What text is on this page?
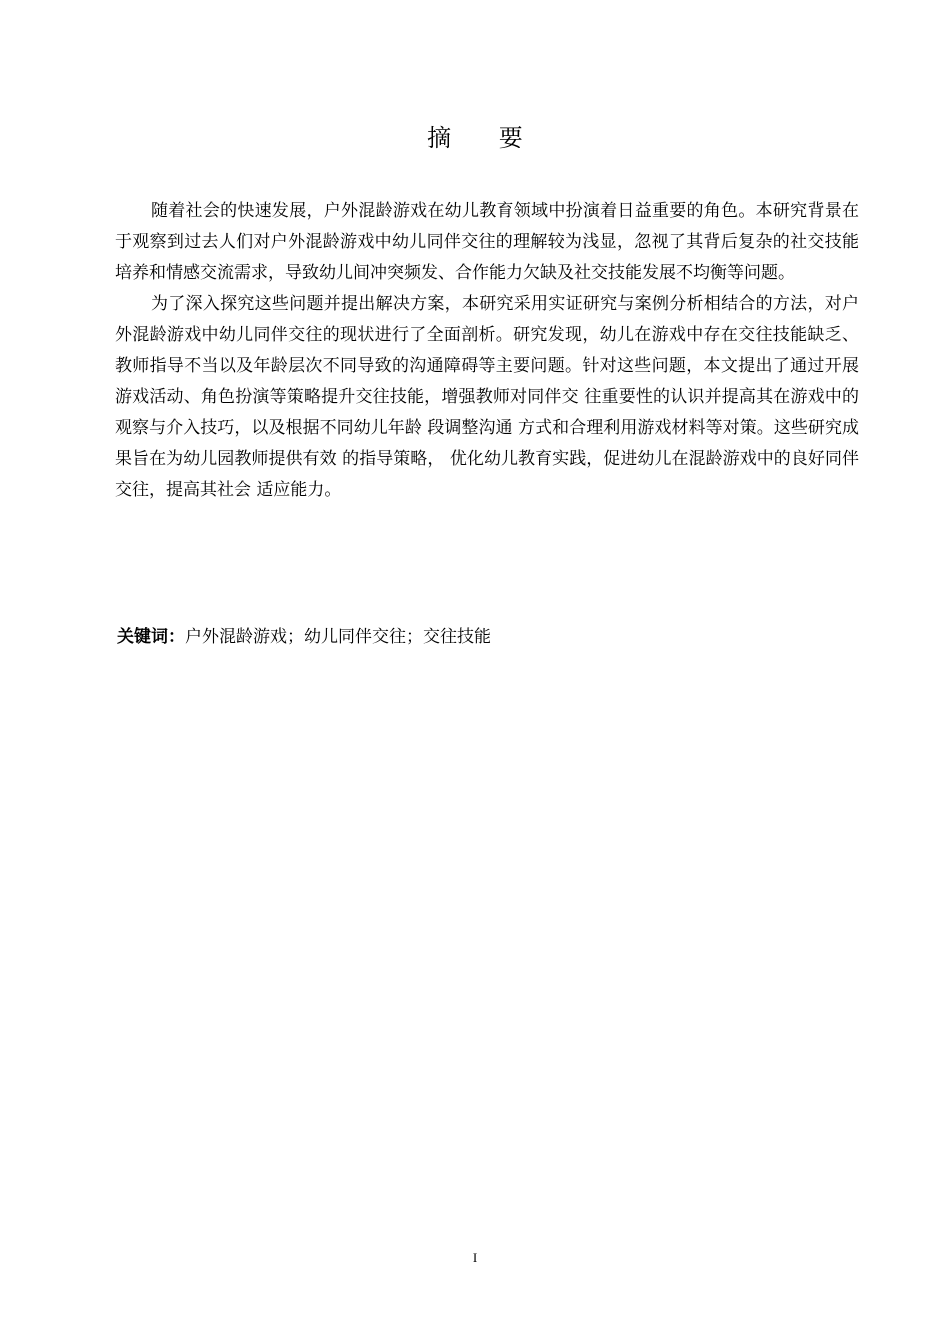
摘 要

随着社会的快速发展，户外混龄游戏在幼儿教育领域中扮演着日益重要的角色。本研究背景在于观察到过去人们对户外混龄游戏中幼儿同伴交往的理解较为浅显，忽视了其背后复杂的社交技能培养和情感交流需求，导致幼儿间冲突频发、合作能力欠缺及社交技能发展不均衡等问题。

为了深入探究这些问题并提出解决方案，本研究采用实证研究与案例分析相结合的方法，对户外混龄游戏中幼儿同伴交往的现状进行了全面剖析。研究发现，幼儿在游戏中存在交往技能缺乏、教师指导不当以及年龄层次不同导致的沟通障碍等主要问题。针对这些问题，本文提出了通过开展游戏活动、角色扮演等策略提升交往技能，增强教师对同伴交 往重要性的认识并提高其在游戏中的观察与介入技巧，以及根据不同幼儿年龄 段调整沟通 方式和合理利用游戏材料等对策。这些研究成果旨在为幼儿园教师提供有效 的指导策略， 优化幼儿教育实践，促进幼儿在混龄游戏中的良好同伴交往，提高其社会 适应能力。

关键词：户外混龄游戏；幼儿同伴交往；交往技能
I
